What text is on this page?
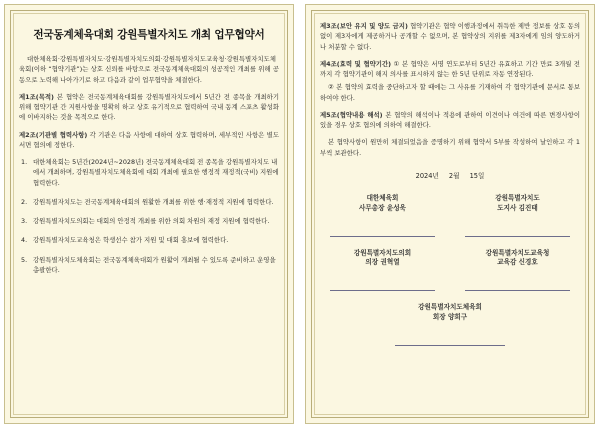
전국동계체육대회 강원특별자치도 개최 업무협약서

대한체육회·강원특별자치도·강원특별자치도의회·강원특별자치도교육청·강원특별자치도체육회(이하 “협약기관”)는 상호 신뢰를 바탕으로 전국동계체육대회의 성공적인 개최를 위해 공동으로 노력해 나아가기로 하고 다음과 같이 업무협약을 체결한다.

제1조(목적) 본 협약은 전국동계체육대회를 강원특별자치도에서 5년간 전 종목을 개최하기 위해 협약기관 간 지원사항을 명확히 하고 상호 유기적으로 협력하여 국내 동계 스포츠 활성화에 이바지하는 것을 목적으로 한다.

제2조(기관별 협력사항) 각 기관은 다음 사항에 대하여 상호 협력하며, 세부적인 사항은 별도 서면 협의에 정한다.

1. 대한체육회는 5년간(2024년~2028년) 전국동계체육대회 전 종목을 강원특별자치도 내에서 개최하며, 강원특별자치도체육회에 대회 개최에 필요한 행정적 재정적(국비) 지원에 협력한다.
2. 강원특별자치도는 전국동계체육대회의 원활한 개최를 위한 행·재정적 지원에 협력한다.
3. 강원특별자치도의회는 대회의 안정적 개최를 위한 의회 차원의 재정 지원에 협력한다.
4. 강원특별자치도교육청은 학생선수 참가 지원 및 대회 홍보에 협력한다.
5. 강원특별자치도체육회는 전국동계체육대회가 원활이 개최될 수 있도록 준비하고 운영을 총괄한다.

제3조(보안 유지 및 양도 금지) 협약기관은 협약 이행과정에서 취득한 제반 정보를 상호 동의 없이 제3자에게 제공하거나 공개할 수 없으며, 본 협약상의 지위를 제3자에게 임의 양도하거나 처분할 수 없다.

제4조(효력 및 협약기간) ① 본 협약은 서명 연도로부터 5년간 유효하고 기간 만료 3개월 전까지 각 협약기관이 해지 의사를 표시하지 않는 한 5년 단위로 자동 연장된다.

② 본 협약의 효력을 중단하고자 할 때에는 그 사유를 기재하여 각 협약기관에 문서로 통보하여야 한다.

제5조(협약내용 해석) 본 협약의 해석이나 적용에 관하여 이견이나 여건에 따른 변경사항이 있을 경우 상호 협의에 의하여 해결한다.

본 협약사항이 원만히 체결되었음을 증명하기 위해 협약서 5부를 작성하여 날인하고 각 1부씩 보관한다.

2024년 2월 15일
대한체육회
사무총장 윤성욱
강원특별자치도
도지사 김진태
강원특별자치도의회
의장 권혁열
강원특별자치도교육청
교육감 신경호
강원특별자치도체육회
회장 양희구
